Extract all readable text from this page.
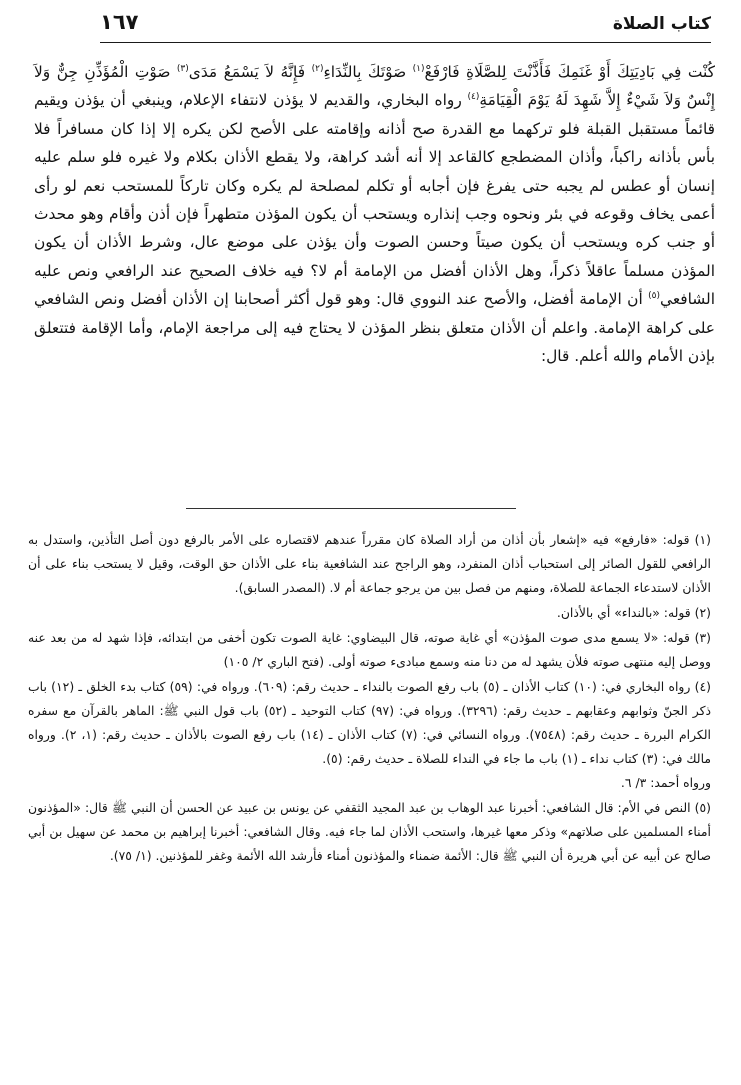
كتاب الصلاة
١٦٧

كُنْت فِي بَادِيَتِكَ أَوْ غَنَمِكَ فَأَذَّنْتَ لِلصَّلَاةِ فَارْفَعْ$^{(١)}$ صَوْتَكَ بِالنِّدَاءِ$^{(٢)}$ فَإِنَّهُ لاَ يَسْمَعُ مَدَى$^{(٣)}$ صَوْتِ الْمُؤَذِّنِ جِنٌّ وَلاَ إِنْسٌ وَلاَ شَيْءٌ إِلاَّ شَهِدَ لَهُ يَوْمَ الْقِيَامَةِ$^{(٤)}$ رواه البخاري، والقديم لا يؤذن لانتفاء الإعلام، وينبغي أن يؤذن ويقيم قائماً مستقبل القبلة فلو تركهما مع القدرة صح أذانه وإقامته على الأصح لكن يكره إلا إذا كان مسافراً فلا بأس بأذانه راكباً، وأذان المضطجع كالقاعد إلا أنه أشد كراهة، ولا يقطع الأذان بكلام ولا غيره فلو سلم عليه إنسان أو عطس لم يجبه حتى يفرغ فإن أجابه أو تكلم لمصلحة لم يكره وكان تاركاً للمستحب نعم لو رأى أعمى يخاف وقوعه في بئر ونحوه وجب إنذاره ويستحب أن يكون المؤذن متطهراً فإن أذن وأقام وهو محدث أو جنب كره ويستحب أن يكون صيتاً وحسن الصوت وأن يؤذن على موضع عال، وشرط الأذان أن يكون المؤذن مسلماً عاقلاً ذكراً، وهل الأذان أفضل من الإمامة أم لا؟ فيه خلاف الصحيح عند الرافعي ونص عليه الشافعي$^{(٥)}$ أن الإمامة أفضل، والأصح عند النووي قال: وهو قول أكثر أصحابنا إن الأذان أفضل ونص الشافعي على كراهة الإمامة. واعلم أن الأذان متعلق بنظر المؤذن لا يحتاج فيه إلى مراجعة الإمام، وأما الإقامة فتتعلق بإذن الأمام والله أعلم. قال:

(١) قوله: «فارفع» فيه «إشعار بأن أذان من أراد الصلاة كان مقرراً عندهم لاقتصاره على الأمر بالرفع دون أصل التأذين، واستدل به الرافعي للقول الصائر إلى استحباب أذان المنفرد، وهو الراجح عند الشافعية بناء على الأذان حق الوقت، وقيل لا يستحب بناء على أن الأذان لاستدعاء الجماعة للصلاة، ومنهم من فصل بين من يرجو جماعة أم لا. (المصدر السابق).

(٢) قوله: «بالنداء» أي بالأذان.

(٣) قوله: «لا يسمع مدى صوت المؤذن» أي غاية صوته، قال البيضاوي: غاية الصوت تكون أخفى من ابتدائه، فإذا شهد له من بعد عنه ووصل إليه منتهى صوته فلأن يشهد له من دنا منه وسمع مبادىء صوته أولى. (فتح الباري ٢/ ١٠٥)

(٤) رواه البخاري في: (١٠) كتاب الأذان ـ (٥) باب رفع الصوت بالنداء ـ حديث رقم: (٦٠٩). ورواه في: (٥٩) كتاب بدء الخلق ـ (١٢) باب ذكر الجنّ وثوابهم وعقابهم ـ حديث رقم: (٣٢٩٦). ورواه في: (٩٧) كتاب التوحيد ـ (٥٢) باب قول النبي ﷺ: الماهر بالقرآن مع سفره الكرام البررة ـ حديث رقم: (٧٥٤٨). ورواه النسائي في: (٧) كتاب الأذان ـ (١٤) باب رفع الصوت بالأذان ـ حديث رقم: (١، ٢). ورواه مالك في: (٣) كتاب نداء ـ (١) باب ما جاء في النداء للصلاة ـ حديث رقم: (٥).

ورواه أحمد: ٣/ ٦.

(٥) النص في الأم: قال الشافعي: أخبرنا عبد الوهاب بن عبد المجيد الثقفي عن يونس بن عبيد عن الحسن أن النبي ﷺ قال: «المؤذنون أمناء المسلمين على صلاتهم» وذكر معها غيرها، واستحب الأذان لما جاء فيه. وقال الشافعي: أخبرنا إبراهيم بن محمد عن سهيل بن أبي صالح عن أبيه عن أبي هريرة أن النبي ﷺ قال: الأئمة ضمناء والمؤذنون أمناء فأرشد الله الأئمة وغفر للمؤذنين. (١/ ٧٥).
